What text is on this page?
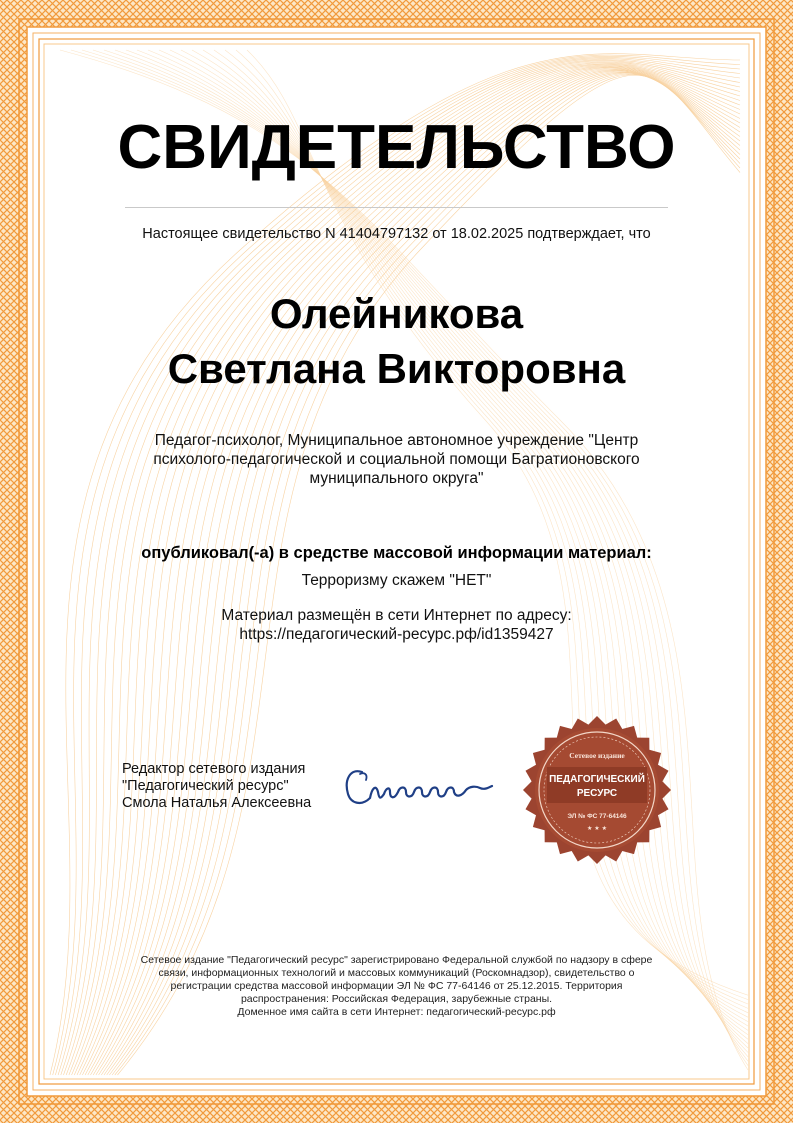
СВИДЕТЕЛЬСТВО
Настоящее свидетельство N 41404797132 от 18.02.2025 подтверждает, что
Олейникова
Светлана Викторовна
Педагог-психолог, Муниципальное автономное учреждение "Центр психолого-педагогической и социальной помощи Багратионовского муниципального округа"
опубликовал(-а) в средстве массовой информации материал:
Терроризму скажем "НЕТ"
Материал размещён в сети Интернет по адресу:
https://педагогический-ресурс.рф/id1359427
Редактор сетевого издания
"Педагогический ресурс"
Смола Наталья Алексеевна
Сетевое издание
ПЕДАГОГИЧЕСКИЙ
РЕСУРС
ЭЛ № ФС 77-64146
★ ★ ★
Сетевое издание "Педагогический ресурс" зарегистрировано Федеральной службой по надзору в сфере
связи, информационных технологий и массовых коммуникаций (Роскомнадзор), свидетельство о
регистрации средства массовой информации ЭЛ № ФС 77-64146 от 25.12.2015. Территория
распространения: Российская Федерация, зарубежные страны.
Доменное имя сайта в сети Интернет: педагогический-ресурс.рф
